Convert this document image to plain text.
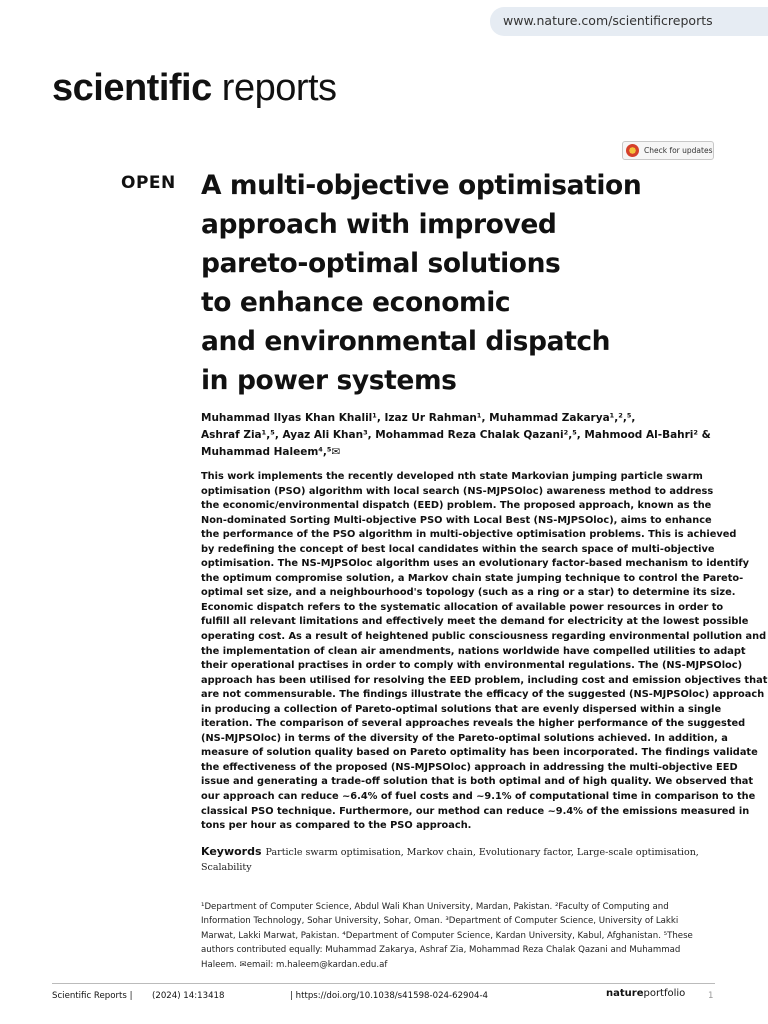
www.nature.com/scientificreports
scientific reports
Check for updates
OPEN A multi-objective optimisation
approach with improved
pareto-optimal solutions
to enhance economic
and environmental dispatch
in power systems
Muhammad Ilyas Khan Khalil¹, Izaz Ur Rahman¹, Muhammad Zakarya¹,²,⁵,
Ashraf Zia¹,⁵, Ayaz Ali Khan³, Mohammad Reza Chalak Qazani²,⁵, Mahmood Al-Bahri² &
Muhammad Haleem⁴,⁵✉
This work implements the recently developed nth state Markovian jumping particle swarm
optimisation (PSO) algorithm with local search (NS-MJPSOloc) awareness method to address
the economic/environmental dispatch (EED) problem. The proposed approach, known as the
Non-dominated Sorting Multi-objective PSO with Local Best (NS-MJPSOloc), aims to enhance
the performance of the PSO algorithm in multi-objective optimisation problems. This is achieved
by redefining the concept of best local candidates within the search space of multi-objective
optimisation. The NS-MJPSOloc algorithm uses an evolutionary factor-based mechanism to identify
the optimum compromise solution, a Markov chain state jumping technique to control the Pareto-
optimal set size, and a neighbourhood's topology (such as a ring or a star) to determine its size.
Economic dispatch refers to the systematic allocation of available power resources in order to
fulfill all relevant limitations and effectively meet the demand for electricity at the lowest possible
operating cost. As a result of heightened public consciousness regarding environmental pollution and
the implementation of clean air amendments, nations worldwide have compelled utilities to adapt
their operational practises in order to comply with environmental regulations. The (NS-MJPSOloc)
approach has been utilised for resolving the EED problem, including cost and emission objectives that
are not commensurable. The findings illustrate the efficacy of the suggested (NS-MJPSOloc) approach
in producing a collection of Pareto-optimal solutions that are evenly dispersed within a single
iteration. The comparison of several approaches reveals the higher performance of the suggested
(NS-MJPSOloc) in terms of the diversity of the Pareto-optimal solutions achieved. In addition, a
measure of solution quality based on Pareto optimality has been incorporated. The findings validate
the effectiveness of the proposed (NS-MJPSOloc) approach in addressing the multi-objective EED
issue and generating a trade-off solution that is both optimal and of high quality. We observed that
our approach can reduce ~6.4% of fuel costs and ~9.1% of computational time in comparison to the
classical PSO technique. Furthermore, our method can reduce ~9.4% of the emissions measured in
tons per hour as compared to the PSO approach.
Keywords Particle swarm optimisation, Markov chain, Evolutionary factor, Large-scale optimisation, Scalability
¹Department of Computer Science, Abdul Wali Khan University, Mardan, Pakistan. ²Faculty of Computing and
Information Technology, Sohar University, Sohar, Oman. ³Department of Computer Science, University of Lakki
Marwat, Lakki Marwat, Pakistan. ⁴Department of Computer Science, Kardan University, Kabul, Afghanistan. ⁵These
authors contributed equally: Muhammad Zakarya, Ashraf Zia, Mohammad Reza Chalak Qazani and Muhammad
Haleem. ✉email: m.haleem@kardan.edu.af
Scientific Reports | (2024) 14:13418	| https://doi.org/10.1038/s41598-024-62904-4	natureportfolio	1
